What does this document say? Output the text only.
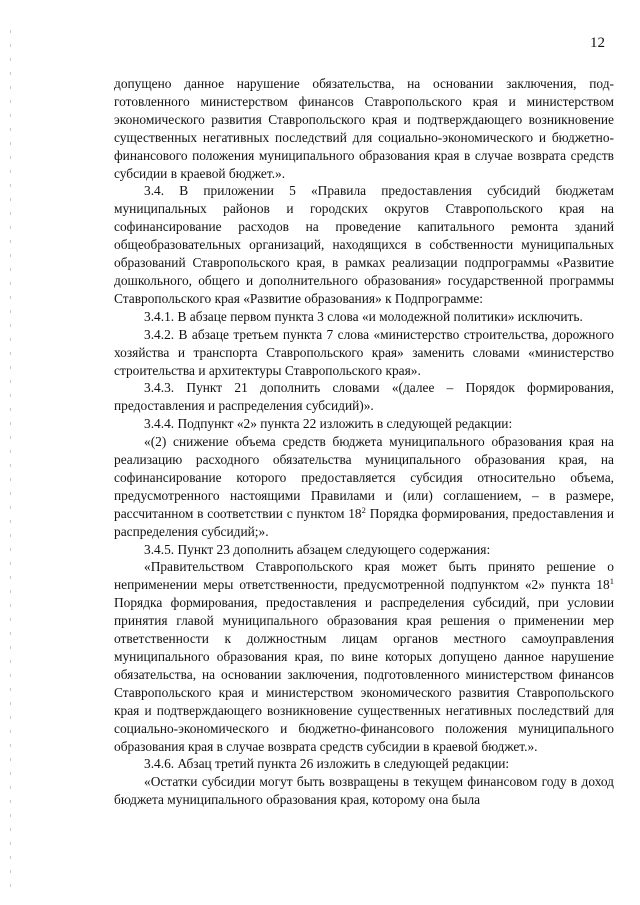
12

допущено данное нарушение обязательства, на основании заключения, подготовленного министерством финансов Ставропольского края и министерством экономического развития Ставропольского края и подтверждающего возникновение существенных негативных последствий для социально-экономического и бюджетно-финансового положения муниципального образования края в случае возврата средств субсидии в краевой бюджет.».

3.4. В приложении 5 «Правила предоставления субсидий бюджетам муниципальных районов и городских округов Ставропольского края на софинансирование расходов на проведение капитального ремонта зданий общеобразовательных организаций, находящихся в собственности муниципальных образований Ставропольского края, в рамках реализации подпрограммы «Развитие дошкольного, общего и дополнительного образования» государственной программы Ставропольского края «Развитие образования» к Подпрограмме:

3.4.1. В абзаце первом пункта 3 слова «и молодежной политики» исключить.

3.4.2. В абзаце третьем пункта 7 слова «министерство строительства, дорожного хозяйства и транспорта Ставропольского края» заменить словами «министерство строительства и архитектуры Ставропольского края».

3.4.3. Пункт 21 дополнить словами «(далее – Порядок формирования, предоставления и распределения субсидий)».

3.4.4. Подпункт «2» пункта 22 изложить в следующей редакции:

«(2) снижение объема средств бюджета муниципального образования края на реализацию расходного обязательства муниципального образования края, на софинансирование которого предоставляется субсидия относительно объема, предусмотренного настоящими Правилами и (или) соглашением, – в размере, рассчитанном в соответствии с пунктом $18^2$ Порядка формирования, предоставления и распределения субсидий;».

3.4.5. Пункт 23 дополнить абзацем следующего содержания:

«Правительством Ставропольского края может быть принято решение о неприменении меры ответственности, предусмотренной подпунктом «2» пункта $18^1$ Порядка формирования, предоставления и распределения субсидий, при условии принятия главой муниципального образования края решения о применении мер ответственности к должностным лицам органов местного самоуправления муниципального образования края, по вине которых допущено данное нарушение обязательства, на основании заключения, подготовленного министерством финансов Ставропольского края и министерством экономического развития Ставропольского края и подтверждающего возникновение существенных негативных последствий для социально-экономического и бюджетно-финансового положения муниципального образования края в случае возврата средств субсидии в краевой бюджет.».

3.4.6. Абзац третий пункта 26 изложить в следующей редакции:

«Остатки субсидии могут быть возвращены в текущем финансовом году в доход бюджета муниципального образования края, которому она была
